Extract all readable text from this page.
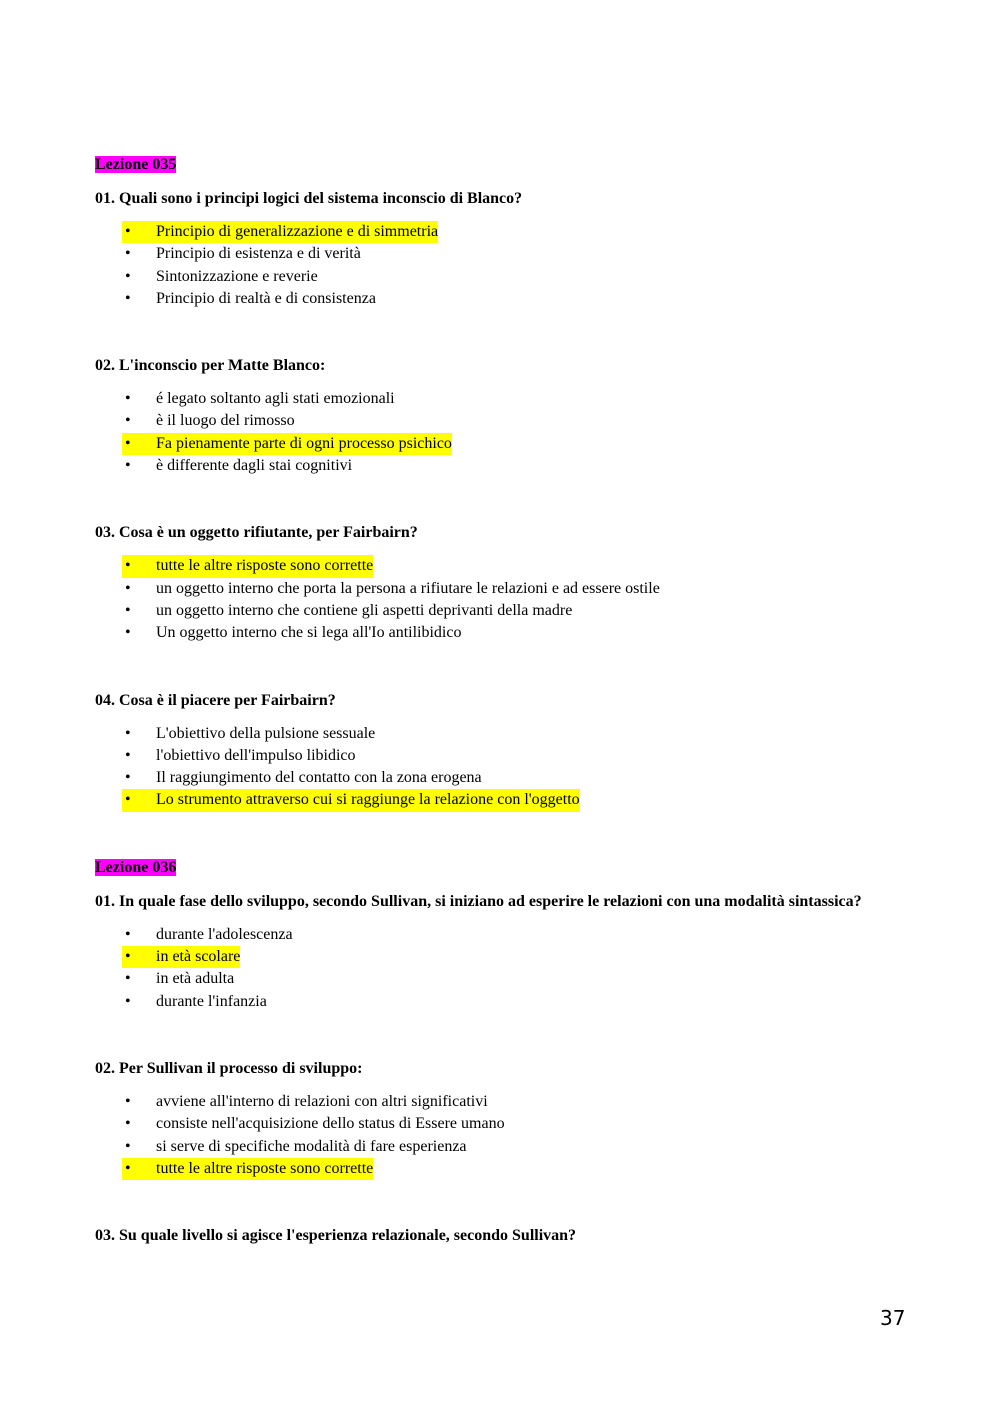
Lezione 035
01. Quali sono i principi logici del sistema inconscio di Blanco?
• Principio di generalizzazione e di simmetria
• Principio di esistenza e di verità
• Sintonizzazione e reverie
• Principio di realtà e di consistenza
02. L'inconscio per Matte Blanco:
• é legato soltanto agli stati emozionali
• è il luogo del rimosso
• Fa pienamente parte di ogni processo psichico
• è differente dagli stai cognitivi
03. Cosa è un oggetto rifiutante, per Fairbairn?
• tutte le altre risposte sono corrette
• un oggetto interno che porta la persona a rifiutare le relazioni e ad essere ostile
• un oggetto interno che contiene gli aspetti deprivanti della madre
• Un oggetto interno che si lega all'Io antilibidico
04. Cosa è il piacere per Fairbairn?
• L'obiettivo della pulsione sessuale
• l'obiettivo dell'impulso libidico
• Il raggiungimento del contatto con la zona erogena
• Lo strumento attraverso cui si raggiunge la relazione con l'oggetto
Lezione 036
01. In quale fase dello sviluppo, secondo Sullivan, si iniziano ad esperire le relazioni con una modalità sintassica?
• durante l'adolescenza
• in età scolare
• in età adulta
• durante l'infanzia
02. Per Sullivan il processo di sviluppo:
• avviene all'interno di relazioni con altri significativi
• consiste nell'acquisizione dello status di Essere umano
• si serve di specifiche modalità di fare esperienza
• tutte le altre risposte sono corrette
03. Su quale livello si agisce l'esperienza relazionale, secondo Sullivan?
37
